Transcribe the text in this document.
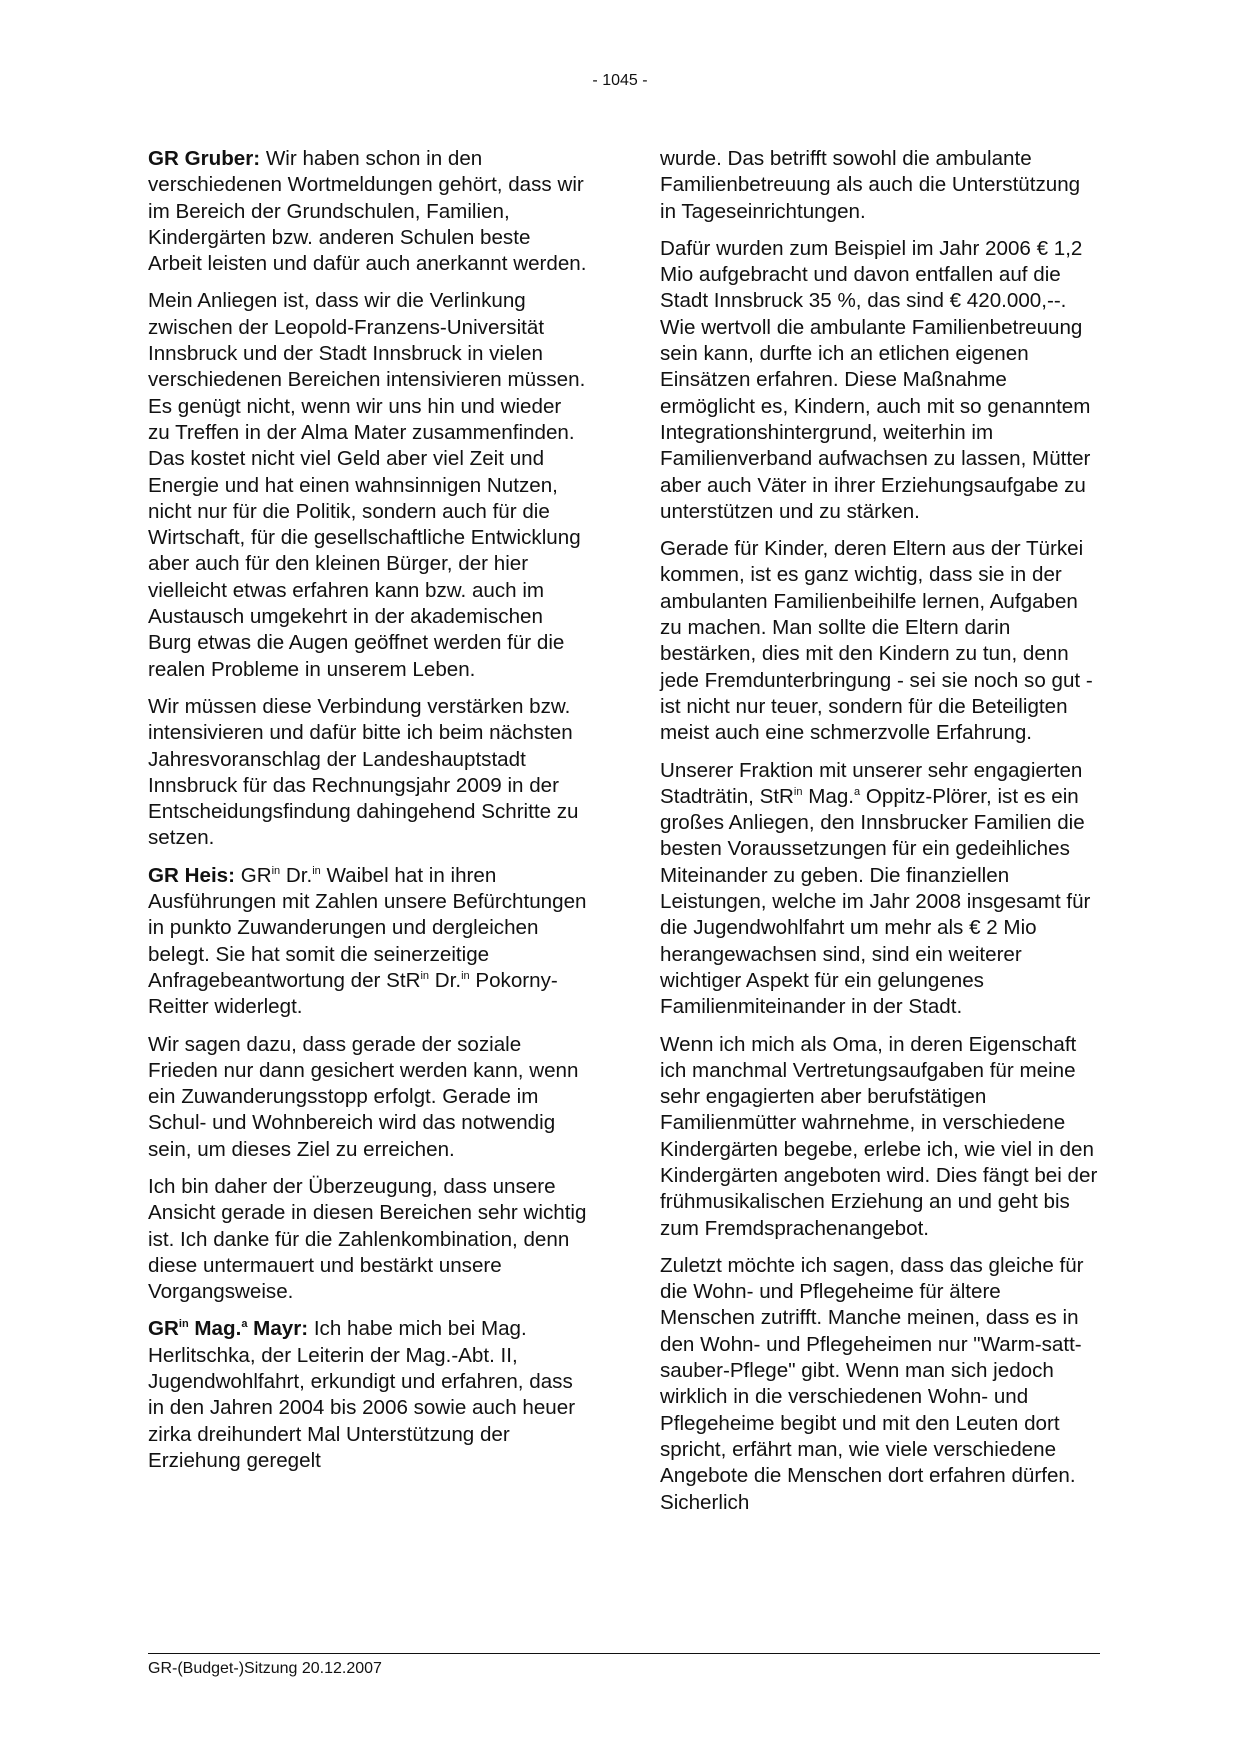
- 1045 -

GR Gruber: Wir haben schon in den verschiedenen Wortmeldungen gehört, dass wir im Bereich der Grundschulen, Familien, Kindergärten bzw. anderen Schulen beste Arbeit leisten und dafür auch anerkannt werden.

Mein Anliegen ist, dass wir die Verlinkung zwischen der Leopold-Franzens-Universität Innsbruck und der Stadt Innsbruck in vielen verschiedenen Bereichen intensivieren müssen. Es genügt nicht, wenn wir uns hin und wieder zu Treffen in der Alma Mater zusammenfinden. Das kostet nicht viel Geld aber viel Zeit und Energie und hat einen wahnsinnigen Nutzen, nicht nur für die Politik, sondern auch für die Wirtschaft, für die gesellschaftliche Entwicklung aber auch für den kleinen Bürger, der hier vielleicht etwas erfahren kann bzw. auch im Austausch umgekehrt in der akademischen Burg etwas die Augen geöffnet werden für die realen Probleme in unserem Leben.

Wir müssen diese Verbindung verstärken bzw. intensivieren und dafür bitte ich beim nächsten Jahresvoranschlag der Landeshauptstadt Innsbruck für das Rechnungsjahr 2009 in der Entscheidungsfindung dahingehend Schritte zu setzen.

GR Heis: $GR^{in}$ Dr.$^{in}$ Waibel hat in ihren Ausführungen mit Zahlen unsere Befürchtungen in punkto Zuwanderungen und dergleichen belegt. Sie hat somit die seinerzeitige Anfragebeantwortung der StR$^{in}$ Dr.$^{in}$ Pokorny-Reitter widerlegt.

Wir sagen dazu, dass gerade der soziale Frieden nur dann gesichert werden kann, wenn ein Zuwanderungsstopp erfolgt. Gerade im Schul- und Wohnbereich wird das notwendig sein, um dieses Ziel zu erreichen.

Ich bin daher der Überzeugung, dass unsere Ansicht gerade in diesen Bereichen sehr wichtig ist. Ich danke für die Zahlenkombination, denn diese untermauert und bestärkt unsere Vorgangsweise.

$GR^{in}$ Mag.$^a$ Mayr: Ich habe mich bei Mag. Herlitschka, der Leiterin der Mag.-Abt. II, Jugendwohlfahrt, erkundigt und erfahren, dass in den Jahren 2004 bis 2006 sowie auch heuer zirka dreihundert Mal Unterstützung der Erziehung geregelt

wurde. Das betrifft sowohl die ambulante Familienbetreuung als auch die Unterstützung in Tageseinrichtungen.

Dafür wurden zum Beispiel im Jahr 2006 € 1,2 Mio aufgebracht und davon entfallen auf die Stadt Innsbruck 35 %, das sind € 420.000,--. Wie wertvoll die ambulante Familienbetreuung sein kann, durfte ich an etlichen eigenen Einsätzen erfahren. Diese Maßnahme ermöglicht es, Kindern, auch mit so genanntem Integrationshintergrund, weiterhin im Familienverband aufwachsen zu lassen, Mütter aber auch Väter in ihrer Erziehungsaufgabe zu unterstützen und zu stärken.

Gerade für Kinder, deren Eltern aus der Türkei kommen, ist es ganz wichtig, dass sie in der ambulanten Familienbeihilfe lernen, Aufgaben zu machen. Man sollte die Eltern darin bestärken, dies mit den Kindern zu tun, denn jede Fremdunterbringung - sei sie noch so gut - ist nicht nur teuer, sondern für die Beteiligten meist auch eine schmerzvolle Erfahrung.

Unserer Fraktion mit unserer sehr engagierten Stadträtin, StR$^{in}$ Mag.$^a$ Oppitz-Plörer, ist es ein großes Anliegen, den Innsbrucker Familien die besten Voraussetzungen für ein gedeihliches Miteinander zu geben. Die finanziellen Leistungen, welche im Jahr 2008 insgesamt für die Jugendwohlfahrt um mehr als € 2 Mio herangewachsen sind, sind ein weiterer wichtiger Aspekt für ein gelungenes Familienmiteinander in der Stadt.

Wenn ich mich als Oma, in deren Eigenschaft ich manchmal Vertretungsaufgaben für meine sehr engagierten aber berufstätigen Familienmütter wahrnehme, in verschiedene Kindergärten begebe, erlebe ich, wie viel in den Kindergärten angeboten wird. Dies fängt bei der frühmusikalischen Erziehung an und geht bis zum Fremdsprachenangebot.

Zuletzt möchte ich sagen, dass das gleiche für die Wohn- und Pflegeheime für ältere Menschen zutrifft. Manche meinen, dass es in den Wohn- und Pflegeheimen nur "Warm-satt-sauber-Pflege" gibt. Wenn man sich jedoch wirklich in die verschiedenen Wohn- und Pflegeheime begibt und mit den Leuten dort spricht, erfährt man, wie viele verschiedene Angebote die Menschen dort erfahren dürfen. Sicherlich

GR-(Budget-)Sitzung 20.12.2007
